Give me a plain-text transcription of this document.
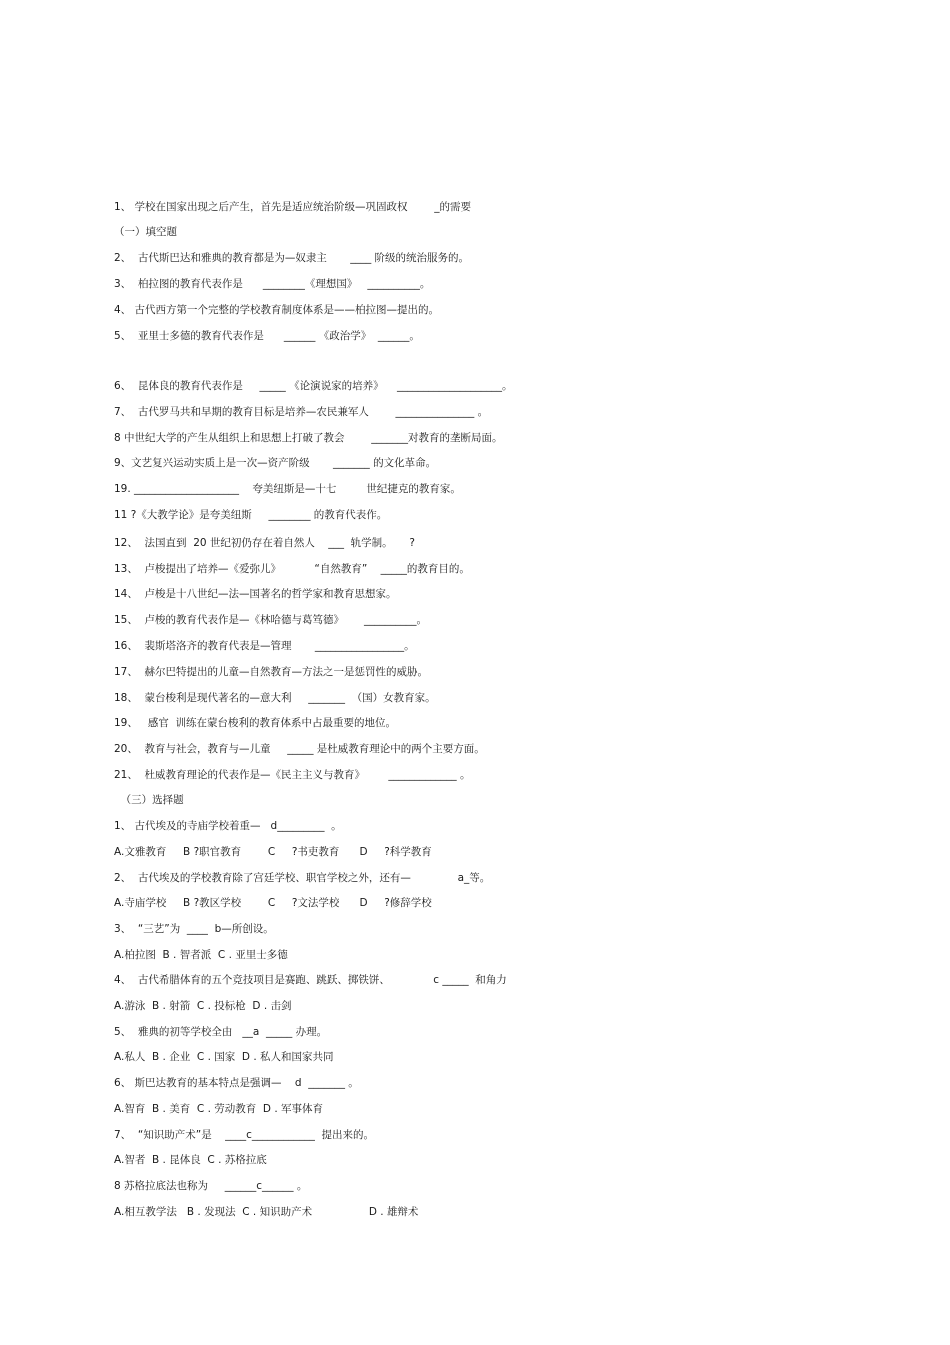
1、 学校在国家出现之后产生，首先是适应统治阶级—巩固政权        _的需要
（一）填空题
2、  古代斯巴达和雅典的教育都是为—奴隶主       ____ 阶级的统治服务的。
3、  柏拉图的教育代表作是      ________《理想国》   __________。
4、 古代西方第一个完整的学校教育制度体系是——柏拉图—提出的。
5、  亚里士多德的教育代表作是      ______ 《政治学》  ______。
6、  昆体良的教育代表作是     _____ 《论演说家的培养》    ____________________。
7、  古代罗马共和早期的教育目标是培养—农民兼军人        _______________ 。
8 中世纪大学的产生从组织上和思想上打破了教会        _______对教育的垄断局面。
9、文艺复兴运动实质上是一次—资产阶级       _______ 的文化革命。
19. ____________________    夸美纽斯是—十七         世纪捷克的教育家。
11 ?《大教学论》是夸美纽斯     ________ 的教育代表作。
12、  法国直到  20 世纪初仍存在着自然人    ___  轨学制。     ?
13、  卢梭提出了培养—《爱弥儿》          “自然教育”    _____的教育目的。
14、  卢梭是十八世纪—法—国著名的哲学家和教育思想家。
15、  卢梭的教育代表作是—《林哈德与葛笃德》      __________。
16、  裴斯塔洛齐的教育代表是—管理       _________________。
17、  赫尔巴特提出的儿童—自然教育—方法之一是惩罚性的威胁。
18、  蒙台梭利是现代著名的—意大利     _______  （国）女教育家。
19、   感官  训练在蒙台梭利的教育体系中占最重要的地位。
20、  教育与社会，教育与—儿童     _____ 是杜威教育理论中的两个主要方面。
21、  杜威教育理论的代表作是—《民主主义与教育》       _____________ 。
（三）选择题
1、 古代埃及的寺庙学校着重—   d_________  。
A.文雅教育     B ?职官教育        C     ?书吏教育      D     ?科学教育
2、  古代埃及的学校教育除了宫廷学校、职官学校之外，还有—              a_等。
A.寺庙学校     B ?教区学校        C     ?文法学校      D     ?修辞学校
3、  “三艺”为  ____  b—所创设。
A.柏拉图  B . 智者派  C . 亚里士多德
4、  古代希腊体育的五个竞技项目是赛跑、跳跃、掷铁饼、             c _____  和角力
A.游泳  B . 射箭  C . 投标枪  D . 击剑
5、  雅典的初等学校全由   __a  _____ 办理。
A.私人  B . 企业  C . 国家  D . 私人和国家共同
6、 斯巴达教育的基本特点是强调—    d  _______ 。
A.智育  B . 美育  C . 劳动教育  D . 军事体育
7、  “知识助产术”是    ____c____________  提出来的。
A.智者  B . 昆体良  C . 苏格拉底
8 苏格拉底法也称为     ______c______ 。
A.相互教学法   B . 发现法  C . 知识助产术                 D . 雄辩术
